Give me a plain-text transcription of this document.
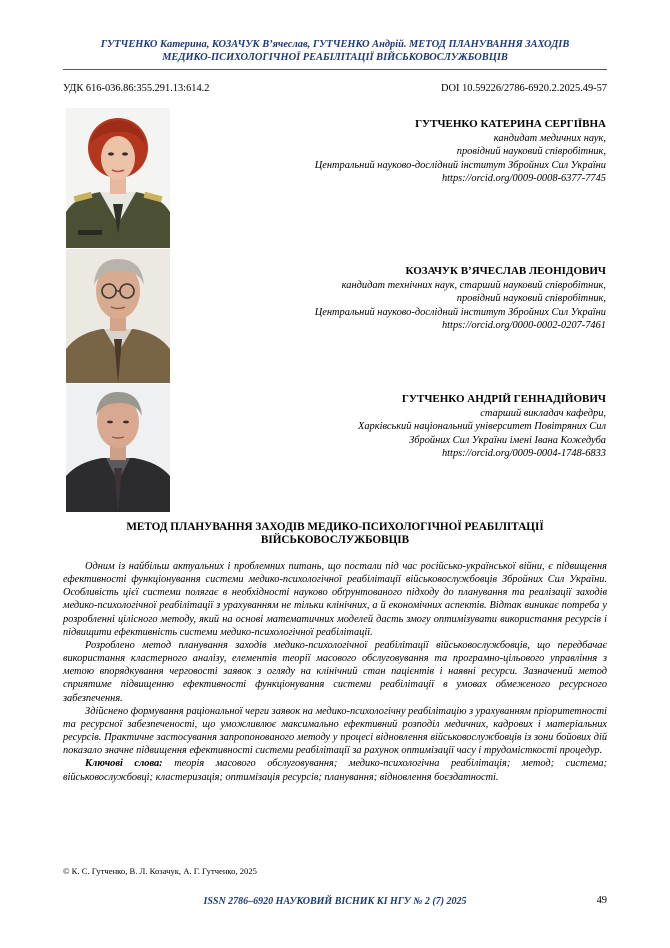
ГУТЧЕНКО Катерина, КОЗАЧУК В’ячеслав, ГУТЧЕНКО Андрій. МЕТОД ПЛАНУВАННЯ ЗАХОДІВ
МЕДИКО-ПСИХОЛОГІЧНОЇ РЕАБІЛІТАЦІЇ ВІЙСЬКОВОСЛУЖБОВЦІВ
УДК 616-036.86:355.291.13:614.2	DOI 10.59226/2786-6920.2.2025.49-57
ГУТЧЕНКО КАТЕРИНА СЕРГІЇВНА
кандидат медичних наук,
провідний науковий співробітник,
Центральний науково-дослідний інститут Збройних Сил України
https://orcid.org/0009-0008-6377-7745
КОЗАЧУК В’ЯЧЕСЛАВ ЛЕОНІДОВИЧ
кандидат технічних наук, старший науковий співробітник,
провідний науковий співробітник,
Центральний науково-дослідний інститут Збройних Сил України
https://orcid.org/0000-0002-0207-7461
ГУТЧЕНКО АНДРІЙ ГЕННАДІЙОВИЧ
старший викладач кафедри,
Харківський національний університет Повітряних Сил
Збройних Сил України імені Івана Кожедуба
https://orcid.org/0009-0004-1748-6833
МЕТОД ПЛАНУВАННЯ ЗАХОДІВ МЕДИКО-ПСИХОЛОГІЧНОЇ РЕАБІЛІТАЦІЇ
ВІЙСЬКОВОСЛУЖБОВЦІВ

Одним із найбільш актуальних і проблемних питань, що постали під час російсько-української війни, є підвищення ефективності функціонування системи медико-психологічної реабілітації військовослужбовців Збройних Сил України. Особливість цієї системи полягає в необхідності науково обґрунтованого підходу до планування та реалізації заходів медико-психологічної реабілітації з урахуванням не тільки клінічних, а й економічних аспектів. Відтак виникає потреба у розробленні цілісного методу, який на основі математичних моделей дасть змогу оптимізувати використання ресурсів і підвищити ефективність системи медико-психологічної реабілітації.

Розроблено метод планування заходів медико-психологічної реабілітації військовослужбовців, що передбачає використання кластерного аналізу, елементів теорії масового обслуговування та програмно-цільового управління з метою впорядкування черговості заявок з огляду на клінічний стан пацієнтів і наявні ресурси. Зазначений метод сприятиме підвищенню ефективності функціонування системи реабілітації в умовах обмеженого ресурсного забезпечення.

Здійснено формування раціональної черги заявок на медико-психологічну реабілітацію з урахуванням пріоритетності та ресурсної забезпеченості, що уможливлює максимально ефективний розподіл медичних, кадрових і матеріальних ресурсів. Практичне застосування запропонованого методу у процесі відновлення військовослужбовців із зони бойових дій показало значне підвищення ефективності системи реабілітації за рахунок оптимізації часу і трудомісткості процедур.

Ключові слова: теорія масового обслуговування; медико-психологічна реабілітація; метод; система; військовослужбовці; кластеризація; оптимізація ресурсів; планування; відновлення боєздатності.

© К. С. Гутченко, В. Л. Козачук, А. Г. Гутченко, 2025
ISSN 2786–6920 НАУКОВИЙ ВІСНИК КІ НГУ № 2 (7) 2025	49
